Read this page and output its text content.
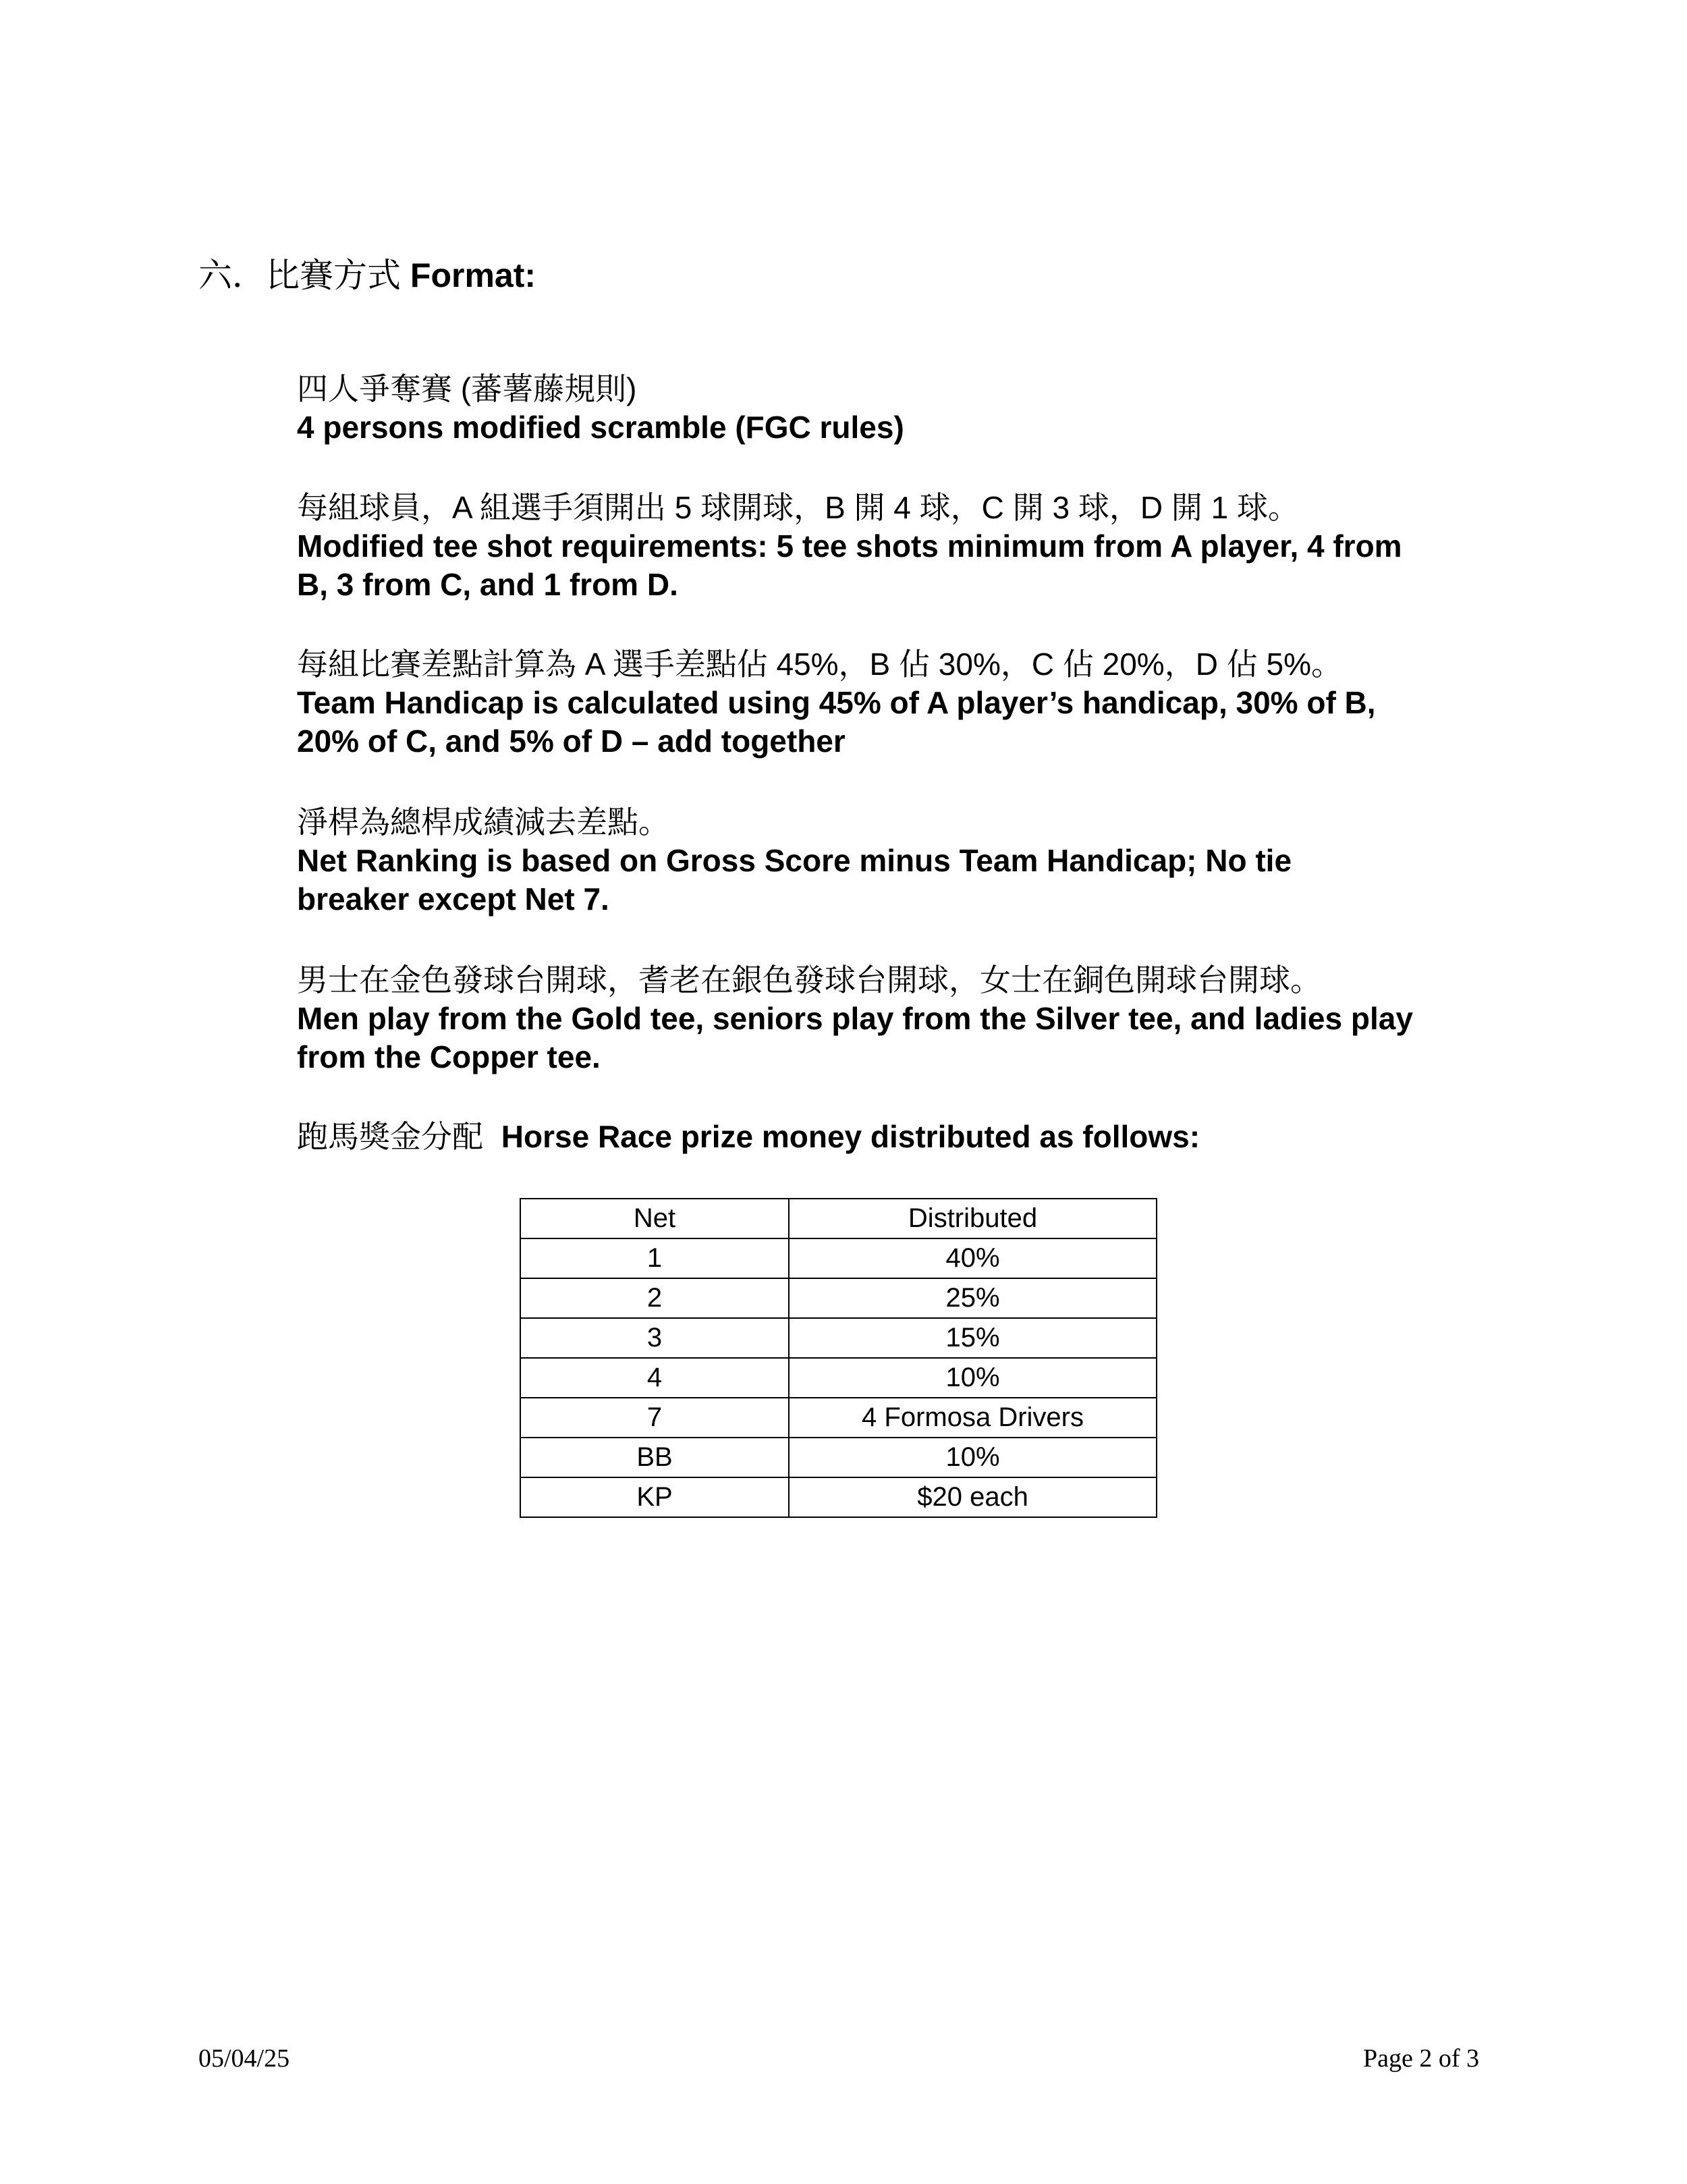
六．比賽方式 Format:
四人爭奪賽 (蕃薯藤規則)
4 persons modified scramble (FGC rules)
每組球員，A 組選手須開出 5 球開球，B 開 4 球，C 開 3 球，D 開 1 球。
Modified tee shot requirements: 5 tee shots minimum from A player, 4 from
B, 3 from C, and 1 from D.
每組比賽差點計算為 A 選手差點佔 45%，B 佔 30%，C 佔 20%，D 佔 5%。
Team Handicap is calculated using 45% of A player’s handicap, 30% of B,
20% of C, and 5% of D – add together
淨桿為總桿成績減去差點。
Net Ranking is based on Gross Score minus Team Handicap; No tie
breaker except Net 7.
男士在金色發球台開球，耆老在銀色發球台開球，女士在銅色開球台開球。
Men play from the Gold tee, seniors play from the Silver tee, and ladies play
from the Copper tee.
跑馬獎金分配 Horse Race prize money distributed as follows:
Net	Distributed
1	40%
2	25%
3	15%
4	10%
7	4 Formosa Drivers
BB	10%
KP	$20 each
05/04/25	Page 2 of 3
